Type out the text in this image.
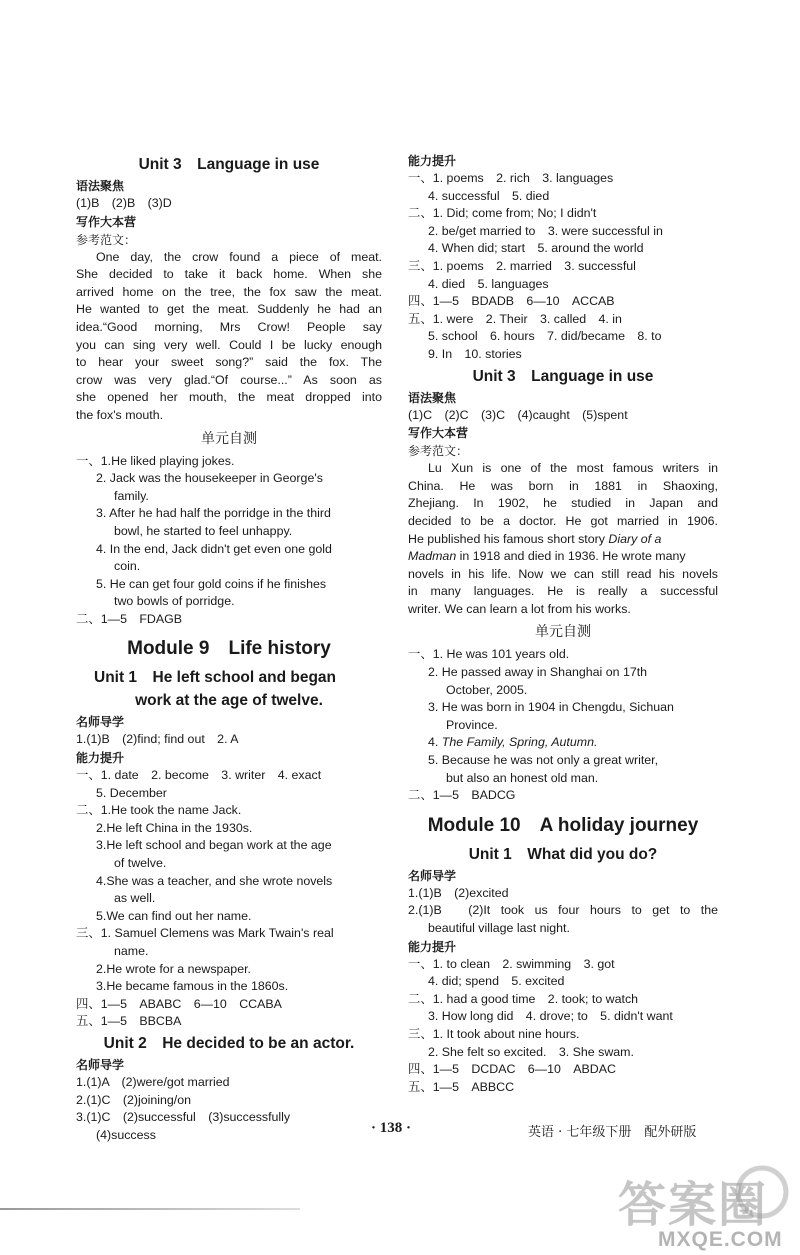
Unit 3　Language in use
语法聚焦
(1)B　(2)B　(3)D
写作大本营
参考范文：
One day, the crow found a piece of meat.
She decided to take it back home. When she
arrived home on the tree, the fox saw the meat.
He wanted to get the meat. Suddenly he had an
idea.“Good morning, Mrs Crow! People say
you can sing very well. Could I be lucky enough
to hear your sweet song?” said the fox. The
crow was very glad.“Of course...” As soon as
she opened her mouth, the meat dropped into
the fox's mouth.
单元自测
一、1.He liked playing jokes.
2. Jack was the housekeeper in George's
family.
3. After he had half the porridge in the third
bowl, he started to feel unhappy.
4. In the end, Jack didn't get even one gold
coin.
5. He can get four gold coins if he finishes
two bowls of porridge.
二、1—5　FDAGB
Module 9　Life history
Unit 1　He left school and began
work at the age of twelve.
名师导学
1.(1)B　(2)find; find out　2. A
能力提升
一、1. date　2. become　3. writer　4. exact
5. December
二、1.He took the name Jack.
2.He left China in the 1930s.
3.He left school and began work at the age
of twelve.
4.She was a teacher, and she wrote novels
as well.
5.We can find out her name.
三、1. Samuel Clemens was Mark Twain's real
name.
2.He wrote for a newspaper.
3.He became famous in the 1860s.
四、1—5　ABABC　6—10　CCABA
五、1—5　BBCBA
Unit 2　He decided to be an actor.
名师导学
1.(1)A　(2)were/got married
2.(1)C　(2)joining/on
3.(1)C　(2)successful　(3)successfully
(4)success
能力提升
一、1. poems　2. rich　3. languages
4. successful　5. died
二、1. Did; come from; No; I didn't
2. be/get married to　3. were successful in
4. When did; start　5. around the world
三、1. poems　2. married　3. successful
4. died　5. languages
四、1—5　BDADB　6—10　ACCAB
五、1. were　2. Their　3. called　4. in
5. school　6. hours　7. did/became　8. to
9. In　10. stories
Unit 3　Language in use
语法聚焦
(1)C　(2)C　(3)C　(4)caught　(5)spent
写作大本营
参考范文：
Lu Xun is one of the most famous writers in
China. He was born in 1881 in Shaoxing,
Zhejiang. In 1902, he studied in Japan and
decided to be a doctor. He got married in 1906.
He published his famous short story Diary of a
Madman in 1918 and died in 1936. He wrote many
novels in his life. Now we can still read his novels
in many languages. He is really a successful
writer. We can learn a lot from his works.
单元自测
一、1. He was 101 years old.
2. He passed away in Shanghai on 17th
October, 2005.
3. He was born in 1904 in Chengdu, Sichuan
Province.
4. The Family, Spring, Autumn.
5. Because he was not only a great writer,
but also an honest old man.
二、1—5　BADCG
Module 10　A holiday journey
Unit 1　What did you do?
名师导学
1.(1)B　(2)excited
2.(1)B　(2)It took us four hours to get to the
beautiful village last night.
能力提升
一、1. to clean　2. swimming　3. got
4. did; spend　5. excited
二、1. had a good time　2. took; to watch
3. How long did　4. drove; to　5. didn't want
三、1. It took about nine hours.
2. She felt so excited.　3. She swam.
四、1—5　DCDAC　6—10　ABDAC
五、1—5　ABBCC
· 138 ·	英语 · 七年级下册　配外研版
答案圈
MXQE.COM
